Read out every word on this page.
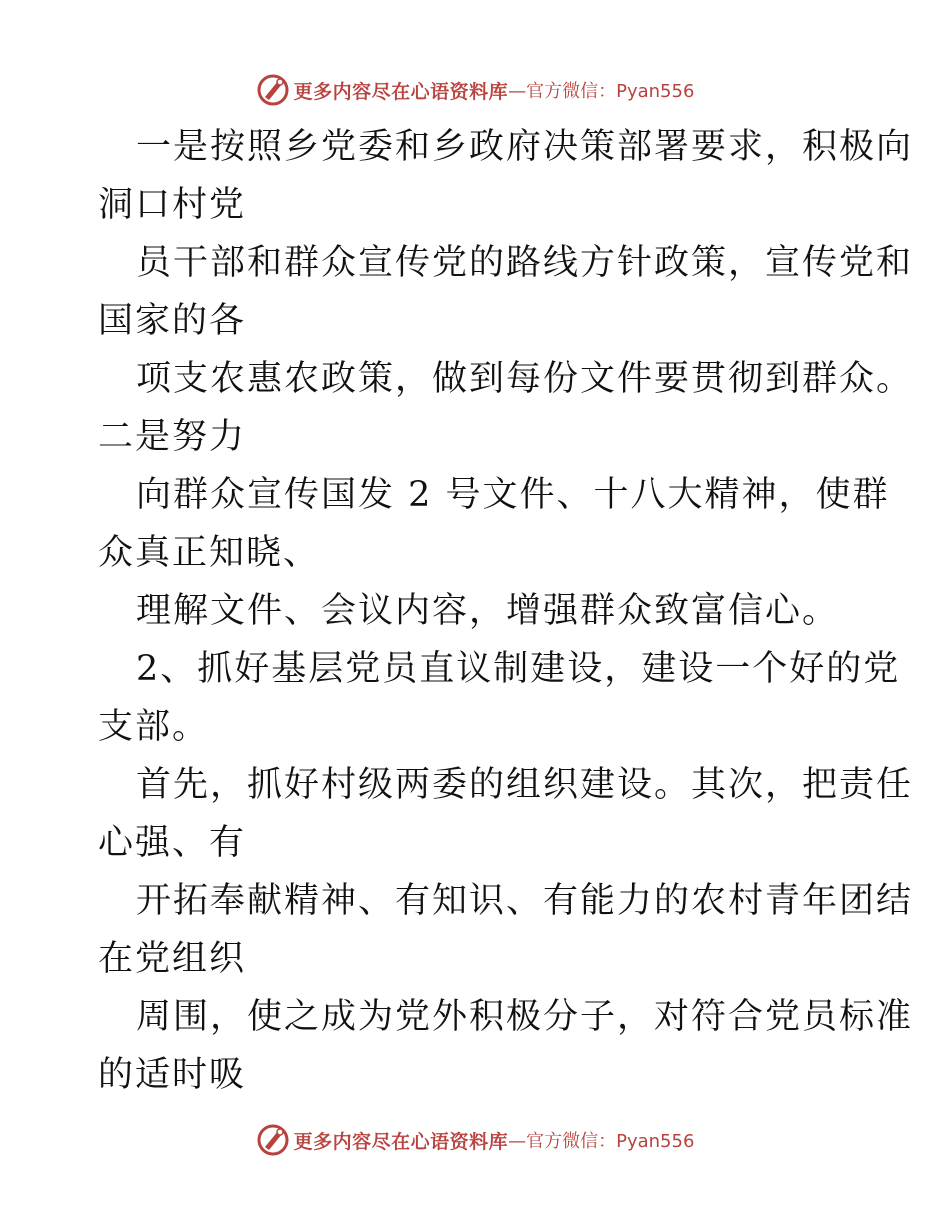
更多内容尽在心语资料库 —官方微信：Pyan556
一是按照乡党委和乡政府决策部署要求，积极向
洞口村党
员干部和群众宣传党的路线方针政策，宣传党和
国家的各
项支农惠农政策，做到每份文件要贯彻到群众。
二是努力
向群众宣传国发 2 号文件、十八大精神，使群
众真正知晓、
理解文件、会议内容，增强群众致富信心。
2、抓好基层党员直议制建设，建设一个好的党
支部。
首先，抓好村级两委的组织建设。其次，把责任
心强、有
开拓奉献精神、有知识、有能力的农村青年团结
在党组织
周围，使之成为党外积极分子，对符合党员标准
的适时吸
更多内容尽在心语资料库 —官方微信：Pyan556
